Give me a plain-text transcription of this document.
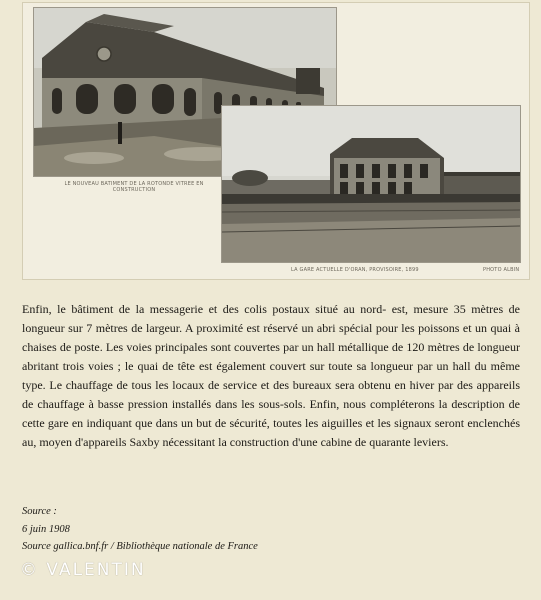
LE NOUVEAU BATIMENT DE LA ROTONDE VITREE EN CONSTRUCTION
LA GARE ACTUELLE D'ORAN, PROVISOIRE, 1899	PHOTO ALBIN

Enfin, le bâtiment de la messagerie et des colis postaux situé au nord- est, mesure 35 mètres de longueur sur 7 mètres de largeur. A proximité est réservé un abri spécial pour les poissons et un quai à chaises de poste. Les voies principales sont couvertes par un hall métallique de 120 mètres de longueur abritant trois voies ; le quai de tête est également couvert sur toute sa longueur par un hall du même type. Le chauffage de tous les locaux de service et des bureaux sera obtenu en hiver par des appareils de chauffage à basse pression installés dans les sous-sols. Enfin, nous compléterons la description de cette gare en indiquant que dans un but de sécurité, toutes les aiguilles et les signaux seront enclenchés au, moyen d'appareils Saxby nécessitant la construction d'une cabine de quarante leviers.

Source :
6 juin 1908
Source gallica.bnf.fr / Bibliothèque nationale de France
© VALENTIN
